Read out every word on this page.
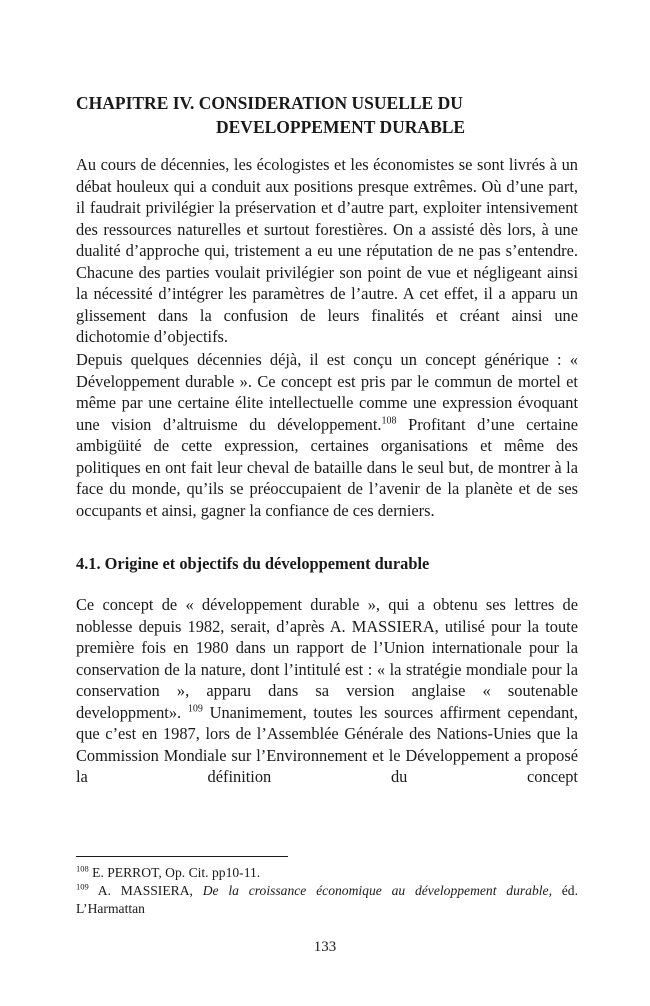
CHAPITRE IV. CONSIDERATION USUELLE DU
DEVELOPPEMENT DURABLE

Au cours de décennies, les écologistes et les économistes se sont livrés à un débat houleux qui a conduit aux positions presque extrêmes. Où d’une part, il faudrait privilégier la préservation et d’autre part, exploiter intensivement des ressources naturelles et surtout forestières. On a assisté dès lors, à une dualité d’approche qui, tristement a eu une réputation de ne pas s’entendre. Chacune des parties voulait privilégier son point de vue et négligeant ainsi la nécessité d’intégrer les paramètres de l’autre. A cet effet, il a apparu un glissement dans la confusion de leurs finalités et créant ainsi une dichotomie d’objectifs.

Depuis quelques décennies déjà, il est conçu un concept générique : « Développement durable ». Ce concept est pris par le commun de mortel et même par une certaine élite intellectuelle comme une expression évoquant une vision d’altruisme du développement.$^{108}$ Profitant d’une certaine ambigüité de cette expression, certaines organisations et même des politiques en ont fait leur cheval de bataille dans le seul but, de montrer à la face du monde, qu’ils se préoccupaient de l’avenir de la planète et de ses occupants et ainsi, gagner la confiance de ces derniers.

4.1. Origine et objectifs du développement durable

Ce concept de « développement durable », qui a obtenu ses lettres de noblesse depuis 1982, serait, d’après A. MASSIERA, utilisé pour la toute première fois en 1980 dans un rapport de l’Union internationale pour la conservation de la nature, dont l’intitulé est : « la stratégie mondiale pour la conservation », apparu dans sa version anglaise « soutenable developpment». $^{109}$ Unanimement, toutes les sources affirment cependant, que c’est en 1987, lors de l’Assemblée Générale des Nations-Unies que la Commission Mondiale sur l’Environnement et le Développement a proposé la définition du concept

$^{108}$ E. PERROT, Op. Cit. pp10-11.

$^{109}$ A. MASSIERA, De la croissance économique au développement durable, éd. L’Harmattan

133
